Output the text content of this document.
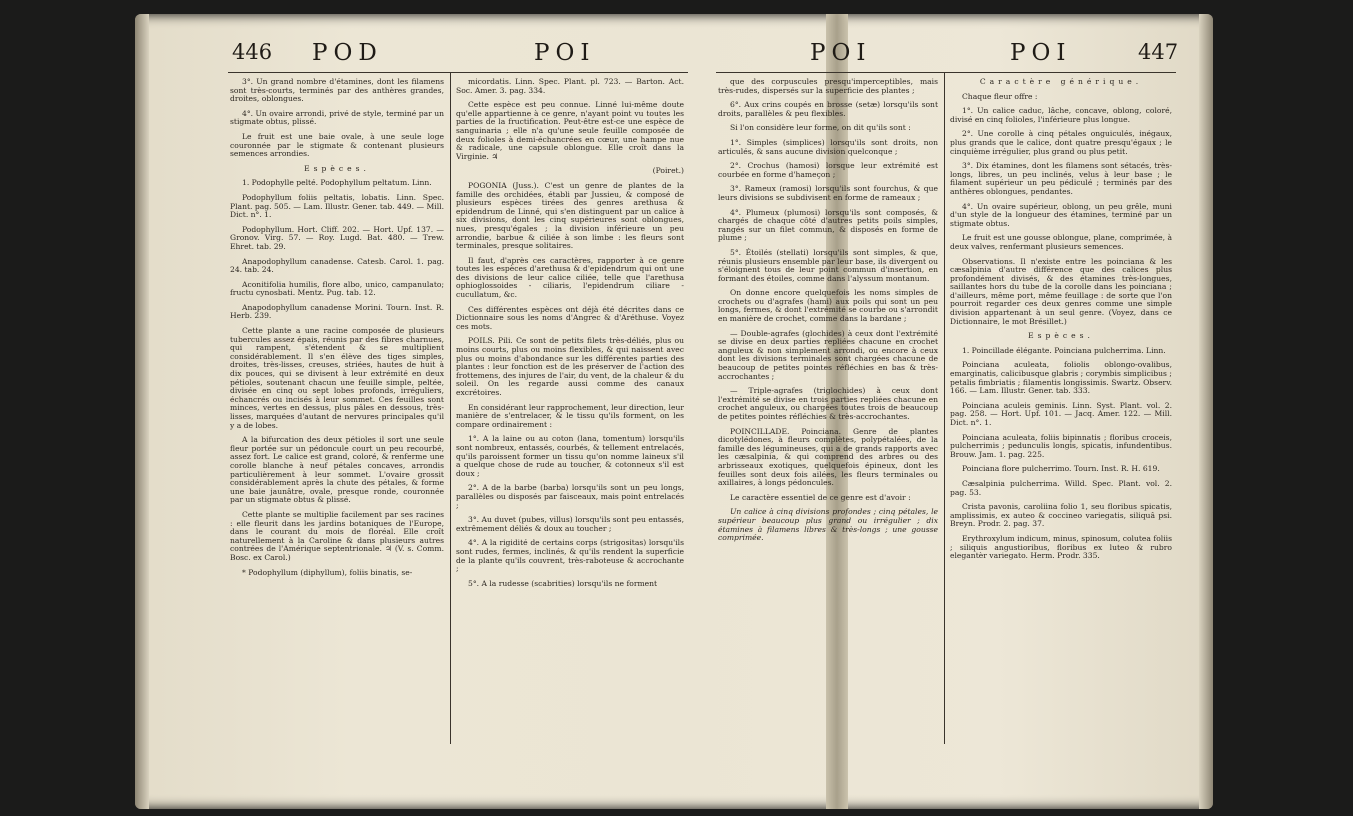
446 POD	POI	POI	POI	447

3°. Un grand nombre d'étamines, dont les filamens sont très-courts, terminés par des anthères grandes, droites, oblongues.

4°. Un ovaire arrondi, privé de style, terminé par un stigmate obtus, plissé.

Le fruit est une baie ovale, à une seule loge couronnée par le stigmate & contenant plusieurs semences arrondies.

Espèces.

1. Podophylle pelté. Podophyllum peltatum. Linn.

Podophyllum foliis peltatis, lobatis. Linn. Spec. Plant. pag. 505. — Lam. Illustr. Gener. tab. 449. — Mill. Dict. n°. 1.

Podophyllum. Hort. Cliff. 202. — Hort. Upf. 137. — Gronov. Virg. 57. — Roy. Lugd. Bat. 480. — Trew. Ehret. tab. 29.

Anapodophyllum canadense. Catesb. Carol. 1. pag. 24. tab. 24.

Aconitifolia humilis, flore albo, unico, campanulato; fructu cynosbati. Mentz. Pug. tab. 12.

Anapodophyllum canadense Morini. Tourn. Inst. R. Herb. 239.

Cette plante a une racine composée de plusieurs tubercules assez épais, réunis par des fibres charnues, qui rampent, s'étendent & se multiplient considérablement. Il s'en élève des tiges simples, droites, très-lisses, creuses, striées, hautes de huit à dix pouces, qui se divisent à leur extrémité en deux pétioles, soutenant chacun une feuille simple, peltée, divisée en cinq ou sept lobes profonds, irréguliers, échancrés ou incisés à leur sommet. Ces feuilles sont minces, vertes en dessus, plus pâles en dessous, très-lisses, marquées d'autant de nervures principales qu'il y a de lobes.

A la bifurcation des deux pétioles il sort une seule fleur portée sur un pédoncule court un peu recourbé, assez fort. Le calice est grand, coloré, & renferme une corolle blanche à neuf pétales concaves, arrondis particulièrement à leur sommet. L'ovaire grossit considérablement après la chute des pétales, & forme une baie jaunâtre, ovale, presque ronde, couronnée par un stigmate obtus & plissé.

Cette plante se multiplie facilement par ses racines : elle fleurit dans les jardins botaniques de l'Europe, dans le courant du mois de floréal. Elle croît naturellement à la Caroline & dans plusieurs autres contrées de l'Amérique septentrionale. ♃ (V. s. Comm. Bosc. ex Carol.)

* Podophyllum (diphyllum), foliis binatis, se-

micordatis. Linn. Spec. Plant. pl. 723. — Barton. Act. Soc. Amer. 3. pag. 334.

Cette espèce est peu connue. Linné lui-même doute qu'elle appartienne à ce genre, n'ayant point vu toutes les parties de la fructification. Peut-être est-ce une espèce de sanguinaria ; elle n'a qu'une seule feuille composée de deux folioles à demi-échancrées en cœur, une hampe nue & radicale, une capsule oblongue. Elle croît dans la Virginie. ♃

(Poiret.)

POGONIA (Juss.). C'est un genre de plantes de la famille des orchidées, établi par Jussieu, & composé de plusieurs espèces tirées des genres arethusa & epidendrum de Linné, qui s'en distinguent par un calice à six divisions, dont les cinq supérieures sont oblongues, nues, presqu'égales ; la division inférieure un peu arrondie, barbue & ciliée à son limbe : les fleurs sont terminales, presque solitaires.

Il faut, d'après ces caractères, rapporter à ce genre toutes les espèces d'arethusa & d'epidendrum qui ont une des divisions de leur calice ciliée, telle que l'arethusa ophioglossoides - ciliaris, l'epidendrum ciliare - cucullatum, &c.

Ces différentes espèces ont déjà été décrites dans ce Dictionnaire sous les noms d'Angrec & d'Aréthuse. Voyez ces mots.

POILS. Pili. Ce sont de petits filets très-déliés, plus ou moins courts, plus ou moins flexibles, & qui naissent avec plus ou moins d'abondance sur les différentes parties des plantes : leur fonction est de les préserver de l'action des frottemens, des injures de l'air, du vent, de la chaleur & du soleil. On les regarde aussi comme des canaux excrétoires.

En considérant leur rapprochement, leur direction, leur manière de s'entrelacer, & le tissu qu'ils forment, on les compare ordinairement :

1°. A la laine ou au coton (lana, tomentum) lorsqu'ils sont nombreux, entassés, courbés, & tellement entrelacés, qu'ils paroissent former un tissu qu'on nomme laineux s'il a quelque chose de rude au toucher, & cotonneux s'il est doux ;

2°. A de la barbe (barba) lorsqu'ils sont un peu longs, parallèles ou disposés par faisceaux, mais point entrelacés ;

3°. Au duvet (pubes, villus) lorsqu'ils sont peu entassés, extrêmement déliés & doux au toucher ;

4°. A la rigidité de certains corps (strigositas) lorsqu'ils sont rudes, fermes, inclinés, & qu'ils rendent la superficie de la plante qu'ils couvrent, très-raboteuse & accrochante ;

5°. A la rudesse (scabrities) lorsqu'ils ne forment

que des corpuscules presqu'imperceptibles, mais très-rudes, dispersés sur la superficie des plantes ;

6°. Aux crins coupés en brosse (setæ) lorsqu'ils sont droits, parallèles & peu flexibles.

Si l'on considère leur forme, on dit qu'ils sont :

1°. Simples (simplices) lorsqu'ils sont droits, non articulés, & sans aucune division quelconque ;

2°. Crochus (hamosi) lorsque leur extrémité est courbée en forme d'hameçon ;

3°. Rameux (ramosi) lorsqu'ils sont fourchus, & que leurs divisions se subdivisent en forme de rameaux ;

4°. Plumeux (plumosi) lorsqu'ils sont composés, & chargés de chaque côté d'autres petits poils simples, rangés sur un filet commun, & disposés en forme de plume ;

5°. Étoilés (stellati) lorsqu'ils sont simples, & que, réunis plusieurs ensemble par leur base, ils divergent ou s'éloignent tous de leur point commun d'insertion, en formant des étoiles, comme dans l'alyssum montanum.

On donne encore quelquefois les noms simples de crochets ou d'agrafes (hami) aux poils qui sont un peu longs, fermes, & dont l'extrémité se courbe ou s'arrondit en manière de crochet, comme dans la bardane ;

— Double-agrafes (glochides) à ceux dont l'extrémité se divise en deux parties repliées chacune en crochet anguleux & non simplement arrondi, ou encore à ceux dont les divisions terminales sont chargées chacune de beaucoup de petites pointes réfléchies en bas & très-accrochantes ;

— Triple-agrafes (triglochides) à ceux dont l'extrémité se divise en trois parties repliées chacune en crochet anguleux, ou chargées toutes trois de beaucoup de petites pointes réfléchies & très-accrochantes.

POINCILLADE. Poinciana. Genre de plantes dicotylédones, à fleurs complètes, polypétalées, de la famille des légumineuses, qui a de grands rapports avec les cæsalpinia, & qui comprend des arbres ou des arbrisseaux exotiques, quelquefois épineux, dont les feuilles sont deux fois ailées, les fleurs terminales ou axillaires, à longs pédoncules.

Le caractère essentiel de ce genre est d'avoir :

Un calice à cinq divisions profondes ; cinq pétales, le supérieur beaucoup plus grand ou irrégulier ; dix étamines à filamens libres & très-longs ; une gousse comprimée.

Caractère générique.

Chaque fleur offre :

1°. Un calice caduc, lâche, concave, oblong, coloré, divisé en cinq folioles, l'inférieure plus longue.

2°. Une corolle à cinq pétales onguiculés, inégaux, plus grands que le calice, dont quatre presqu'égaux ; le cinquième irrégulier, plus grand ou plus petit.

3°. Dix étamines, dont les filamens sont sétacés, très-longs, libres, un peu inclinés, velus à leur base ; le filament supérieur un peu pédiculé ; terminés par des anthères oblongues, pendantes.

4°. Un ovaire supérieur, oblong, un peu grêle, muni d'un style de la longueur des étamines, terminé par un stigmate obtus.

Le fruit est une gousse oblongue, plane, comprimée, à deux valves, renfermant plusieurs semences.

Observations. Il n'existe entre les poinciana & les cæsalpinia d'autre différence que des calices plus profondément divisés, & des étamines très-longues, saillantes hors du tube de la corolle dans les poinciana ; d'ailleurs, même port, même feuillage : de sorte que l'on pourroit regarder ces deux genres comme une simple division appartenant à un seul genre. (Voyez, dans ce Dictionnaire, le mot Brésillet.)

Espèces.

1. Poincillade élégante. Poinciana pulcherrima. Linn.

Poinciana aculeata, foliolis oblongo-ovalibus, emarginatis, calicibusque glabris ; corymbis simplicibus ; petalis fimbriatis ; filamentis longissimis. Swartz. Observ. 166. — Lam. Illustr. Gener. tab. 333.

Poinciana aculeis geminis. Linn. Syst. Plant. vol. 2. pag. 258. — Hort. Upf. 101. — Jacq. Amer. 122. — Mill. Dict. n°. 1.

Poinciana aculeata, foliis bipinnatis ; floribus croceis, pulcherrimis ; pedunculis longis, spicatis, infundentibus. Brouw. Jam. 1. pag. 225.

Poinciana flore pulcherrimo. Tourn. Inst. R. H. 619.

Cæsalpinia pulcherrima. Willd. Spec. Plant. vol. 2. pag. 53.

Crista pavonis, caroliina folio 1, seu floribus spicatis, amplissimis, ex auteo & coccineo variegatis, siliquâ psi. Breyn. Prodr. 2. pag. 37.

Erythroxylum indicum, minus, spinosum, colutea foliis ; siliquis angustioribus, floribus ex luteo & rubro elegantèr variegato. Herm. Prodr. 335.
